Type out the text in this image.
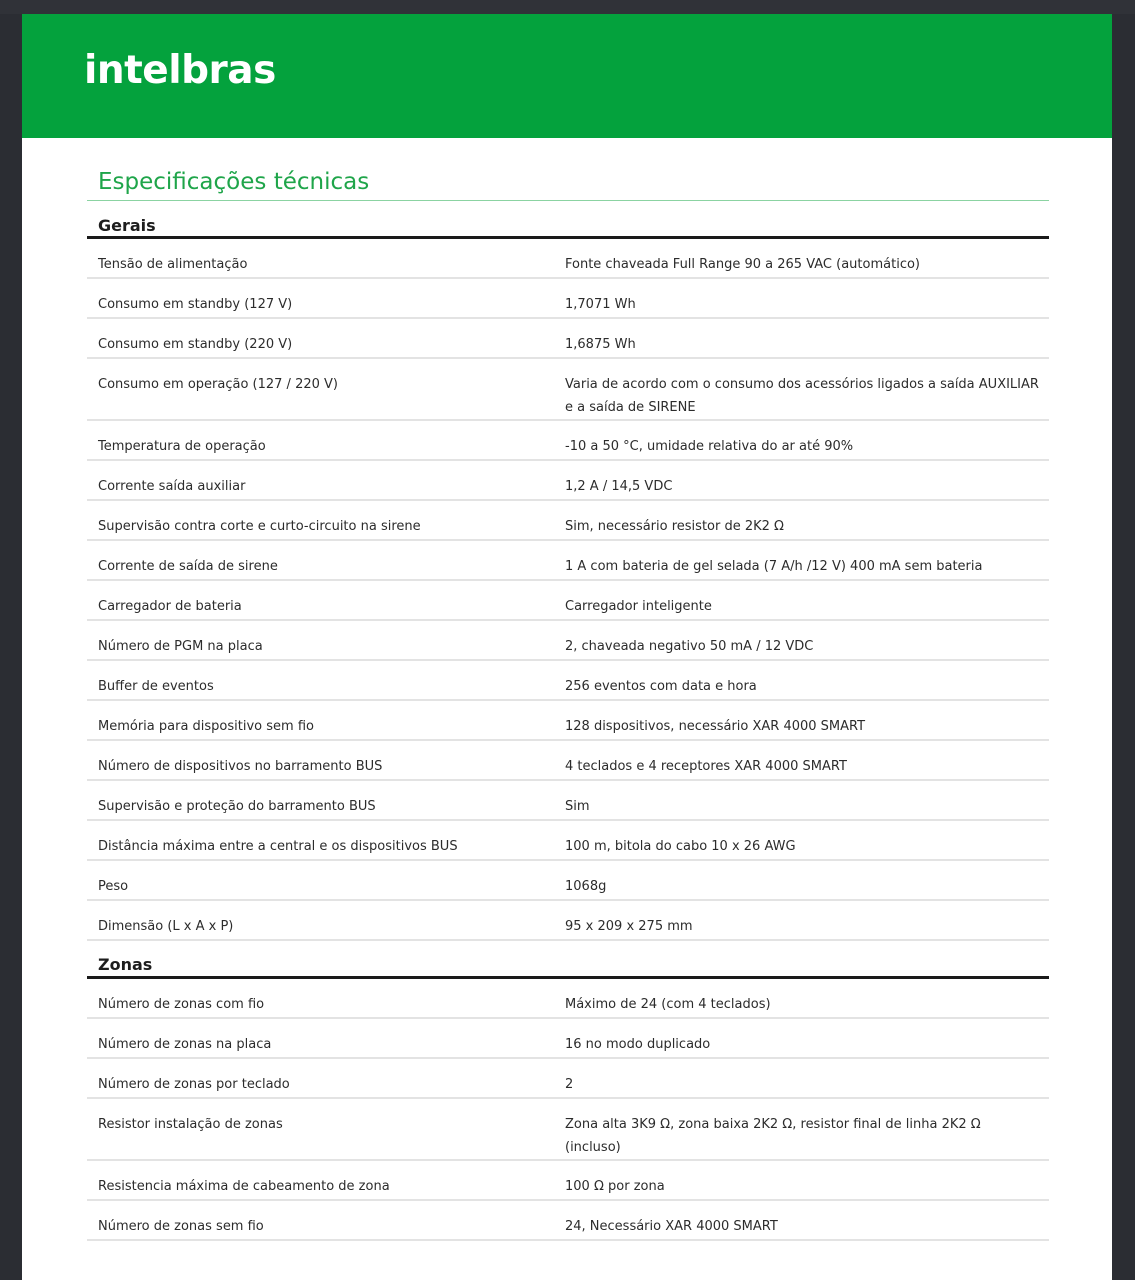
intelbras
Especificações técnicas
Gerais
Tensão de alimentação	Fonte chaveada Full Range 90 a 265 VAC (automático)
Consumo em standby (127 V)	1,7071 Wh
Consumo em standby (220 V)	1,6875 Wh
Consumo em operação (127 / 220 V)	Varia de acordo com o consumo dos acessórios ligados a saída AUXILIAR e a saída de SIRENE
Temperatura de operação	-10 a 50 °C, umidade relativa do ar até 90%
Corrente saída auxiliar	1,2 A / 14,5 VDC
Supervisão contra corte e curto-circuito na sirene	Sim, necessário resistor de 2K2 Ω
Corrente de saída de sirene	1 A com bateria de gel selada (7 A/h /12 V) 400 mA sem bateria
Carregador de bateria	Carregador inteligente
Número de PGM na placa	2, chaveada negativo 50 mA / 12 VDC
Buffer de eventos	256 eventos com data e hora
Memória para dispositivo sem fio	128 dispositivos, necessário XAR 4000 SMART
Número de dispositivos no barramento BUS	4 teclados e 4 receptores XAR 4000 SMART
Supervisão e proteção do barramento BUS	Sim
Distância máxima entre a central e os dispositivos BUS	100 m, bitola do cabo 10 x 26 AWG
Peso	1068g
Dimensão (L x A x P)	95 x 209 x 275 mm
Zonas
Número de zonas com fio	Máximo de 24 (com 4 teclados)
Número de zonas na placa	16 no modo duplicado
Número de zonas por teclado	2
Resistor instalação de zonas	Zona alta 3K9 Ω, zona baixa 2K2 Ω, resistor final de linha 2K2 Ω (incluso)
Resistencia máxima de cabeamento de zona	100 Ω por zona
Número de zonas sem fio	24, Necessário XAR 4000 SMART
